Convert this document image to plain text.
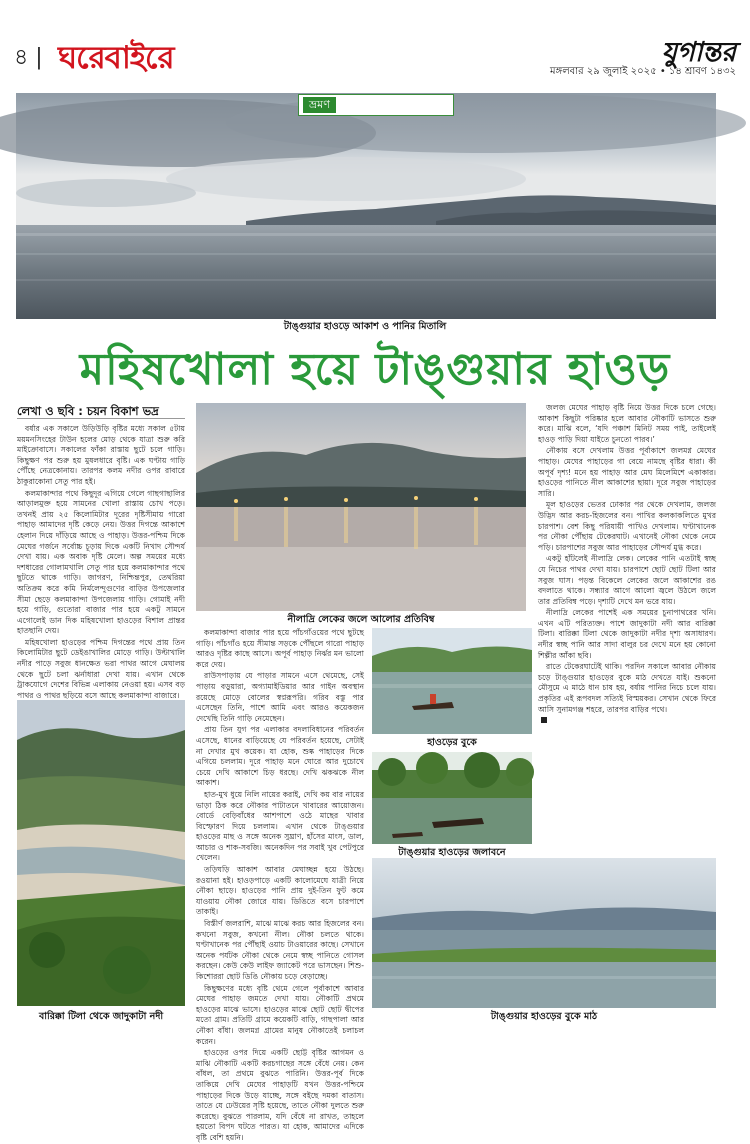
৪ | ঘরেবাইরে	যুগান্তর
মঙ্গলবার ২৯ জুলাই ২০২৫ • ১৪ শ্রাবণ ১৪৩২
ভ্রমণ
টাঙ্গুয়ার হাওড়ে আকাশ ও পানির মিতালি
মহিষখোলা হয়ে টাঙ্গুয়ার হাওড়
লেখা ও ছবি : চয়ন বিকাশ ভদ্র

বর্ষার এক সকালে উড়িউড়ি বৃষ্টির মধ্যে সকাল ৫টায় ময়মনসিংহের টাউন হলের মোড় থেকে যাত্রা শুরু করি মাইক্রোবাসে। সকালের ফাঁকা রাস্তায় ছুটে চলে গাড়ি। কিছুক্ষণ পর শুরু হয় মুষলধারে বৃষ্টি। এক ঘণ্টায় গাড়ি পৌঁছে নেত্রকোনায়। তারপর কলম নদীর ওপর রাবারে ঠাকুরাকোনা সেতু পার হই।

কলমাকান্দার পথে কিছুদূর এগিয়ে গেলে গাছগাছালির আড়ালমুক্ত হয়ে সামনের খোলা রাস্তায় চোখ পড়ে। তখনই প্রায় ২৫ কিলোমিটার দূরের দৃষ্টিসীমায় গারো পাহাড় আমাদের দৃষ্টি কেড়ে নেয়। উত্তর দিগন্তে আকাশে হেলান দিয়ে দাঁড়িয়ে আছে ও পাহাড়। উত্তর-পশ্চিম দিকে মেঘের গর্জনে সর্বোচ্চ চূড়ায় দিকে একটি নিখাদ সৌন্দর্য দেখা যায়। এক অবাক দৃষ্টি মেলে। অল্প সময়ের মধ্যে দশধারের গোলামখালি সেতু পার হয়ে কলমাকান্দার পথে ছুটতে থাকে গাড়ি। জাগরণ, নিশ্চিন্তপুর, তেথরিয়া অতিক্রম করে কমি নির্মলেন্দুগুণের বাড়ির উপজেলার সীমা ছেড়ে কলমাকান্দা উপজেলায় গাড়ি। গোমাই নদী হয়ে গাড়ি, গুতোরা বাজার পার হয়ে একটু সামনে এগোলেই ডান দিক মহিষখোলা হাওড়ের বিশাল প্রান্তর হাতছানি দেয়।

মহিষখোলা হাওড়ের পশ্চিম দিগন্তের পথে প্রায় তিন কিলোমিটার ছুটে ডেইঙাখালির মোড়ে গাড়ি। উল্টাখালি নদীর পাড়ে সবুজ ধানক্ষেত ভরা পাথর আগে মেঘালয় থেকে ছুটে চলা ঝর্নাধারা দেখা যায়। এখান থেকে ট্রাকযোগে দেশের বিভিন্ন এলাকায় নেওয়া হয়। এসব বড় পাথর ও পাথর ছড়িয়ে বসে আছে কলমাকান্দা বাজারে।

বারিক্কা টিলা থেকে জাদুকাটা নদী
নীলাদ্রি লেকের জলে আলোর প্রতিবিম্ব

কলমাকান্দা বাজার পার হয়ে পাঁচগাঁওয়ের পথে ছুটছে গাড়ি। পাঁচগাঁও হয়ে সীমান্ত সড়কে পৌঁছলে গারো পাহাড় আরও দৃষ্টির কাছে আসে। অপূর্ব পাহাড় নির্ঝর মন ভালো করে দেয়।

রাউসপাড়ায় যে পাড়ার সামনে এসে থেমেছে, সেই পাড়ায় বড়ুয়ারা, অগ্যামাইডিয়ার আর গাইন অবস্থান রয়েছে মোড়ে বোলের স্বপ্নরূপরি। গরিব বস্তু পার এসেছেন তিনি, পাশে আমি এবং আরও কয়েকজন দেখেছি তিনি গাড়ি নেমেছেন।

প্রায় তিন যুগ পর এলাকার বদলাবিধানের পরিবর্তন এসেছে, ধানের বাড়িয়েছে যে পরিবর্তন হয়েছে, সেটাই না দেখার মুখ কয়েক। যা হোক, শুষ্ক পাহাড়ের দিকে এগিয়ে চললাম। দূরে পাহাড় মনে ঘোরে আর দুচোখে চেয়ে দেখি আকাশে চিড় ধরছে। দেখি ঝকঝকে নীল আকাশ।

হাত-মুখ ধুয়ে নিলি নায়ের করাই, দেখি কয় বার নায়ের ভাড়া ঠিক করে নৌকার পাটাতনে খাবারের আয়োজন। বোর্ডে বেড়িবাঁধের আশপাশে ওঠে মাছের খাবার বিস্ফোরণ দিয়ে চললাম। এখান থেকে টাঙ্গুয়ার হাওড়ের মাছ ও সঙ্গে অনেক সুঘ্রাণ, হাঁসের মাংস, ডাল, আচার ও শাক-সবজি। অনেকদিন পর সবাই খুব পেটপুরে খেলেন।

তড়িঘড়ি আকাশ আবার মেঘাচ্ছন্ন হয়ে উঠছে। রওয়ানা হই। হাওড়পাড়ে একটি কালোমেঘে যাত্রী নিয়ে নৌকা ছাড়ে। হাওড়ের পানি প্রায় দুই-তিন ফুট কমে যাওয়ায় নৌকা জোরে যায়। ডিঙিতে বসে চারপাশে তাকাই।

বিস্তীর্ণ জলরাশি, মাঝে মাঝে করচ আর হিজলের বন। কখনো সবুজ, কখনো নীল। নৌকা চলতে থাকে। ঘণ্টাখানেক পর পৌঁছাই ওয়াচ টাওয়ারের কাছে। সেখানে অনেক পর্যটক নৌকা থেকে নেমে স্বচ্ছ পানিতে গোসল করছেন। কেউ কেউ লাইফ জ্যাকেট পরে ভাসছেন। শিশু-কিশোররা ছোট ডিঙি নৌকায় চড়ে বেড়াচ্ছে।

কিছুক্ষণের মধ্যে বৃষ্টি থেমে গেলে পূর্বাকাশে আবার মেঘের পাহাড় জমতে দেখা যায়। নৌকাটি প্রথমে হাওড়ের মাঝে ভাসে। হাওড়ের মাঝে ছোট ছোট দ্বীপের মতো গ্রাম। প্রতিটি গ্রামে কয়েকটি বাড়ি, গাছপালা আর নৌকা বাঁধা। জলমগ্ন গ্রামের মানুষ নৌকাতেই চলাচল করেন।

হাওড়ের ওপর দিয়ে একটি ছোট্ট বৃষ্টির আগমন ও মাঝি নৌকাটি একটি করচগাছের সঙ্গে বেঁধে নেয়। কেন বাঁধল, তা প্রথমে বুঝতে পারিনি। উত্তর-পূর্ব দিকে তাকিয়ে দেখি মেঘের পাহাড়টি যখন উত্তর-পশ্চিমে পাহাড়ের দিকে উড়ে যাচ্ছে, সঙ্গে বইছে দমকা বাতাস। তাতে যে ঢেউয়ের সৃষ্টি হয়েছে, তাতে নৌকা দুলতে শুরু করেছে। বুঝতে পারলাম, যদি বেঁধে না রাখত, তাহলে হয়তো বিপদ ঘটতে পারত। যা হোক, আমাদের এদিকে বৃষ্টি বেশি হয়নি।

হাওড়ের বুকে
টাঙ্গুয়ার হাওড়ের জলাবনে

জলজ মেঘের পাহাড় বৃষ্টি নিয়ে উত্তর দিকে চলে গেছে। আকাশ কিছুটা পরিষ্কার হলে আবার নৌকাটি ভাসতে শুরু করে। মাঝি বলে, ‘যদি পঞ্চাশ মিনিট সময় পাই, তাইলেই হাওড় পাড়ি দিয়া যাইতে চুনতাে পারব।’

নৌকায় বসে দেখলাম উত্তর পূর্বাকাশে জলমগ্ন মেঘের পাহাড়। মেঘের পাহাড়ের গা বেয়ে নামছে বৃষ্টির ধারা। কী অপূর্ব দৃশ্য! মনে হয় পাহাড় আর মেঘ মিলেমিশে একাকার। হাওড়ের পানিতে নীল আকাশের ছায়া। দূরে সবুজ পাহাড়ের সারি।

মূল হাওড়ের ভেতর ঢোকার পর থেকে দেখলাম, জলজ উদ্ভিদ আর করচ-হিজলের বন। পাখির কলকাকলিতে মুখর চারপাশ। বেশ কিছু পরিযায়ী পাখিও দেখলাম। ঘণ্টাখানেক পর নৌকা পৌঁছায় টেকেরঘাট। এখানেই নৌকা থেকে নেমে পড়ি। চারপাশের সবুজ আর পাহাড়ের সৌন্দর্য মুগ্ধ করে।

একটু হাঁটলেই নীলাদ্রি লেক। লেকের পানি এতটাই স্বচ্ছ যে নিচের পাথর দেখা যায়। চারপাশে ছোট ছোট টিলা আর সবুজ ঘাস। পড়ন্ত বিকেলে লেকের জলে আকাশের রঙ বদলাতে থাকে। সন্ধ্যার আগে আলো জ্বলে উঠলে জলে তার প্রতিবিম্ব পড়ে। দৃশ্যটি দেখে মন ভরে যায়।

নীলাদ্রি লেকের পাশেই এক সময়ের চুনাপাথরের খনি। এখন এটি পরিত্যক্ত। পাশে জাদুকাটা নদী আর বারিক্কা টিলা। বারিক্কা টিলা থেকে জাদুকাটা নদীর দৃশ্য অসাধারণ। নদীর স্বচ্ছ পানি আর সাদা বালুর চর দেখে মনে হয় কোনো শিল্পীর আঁকা ছবি।

রাতে টেকেরঘাটেই থাকি। পরদিন সকালে আবার নৌকায় চড়ে টাঙ্গুয়ার হাওড়ের বুকে মাঠ দেখতে যাই। শুকনো মৌসুমে এ মাঠে ধান চাষ হয়, বর্ষায় পানির নিচে চলে যায়। প্রকৃতির এই রূপবদল সত্যিই বিস্ময়কর। সেখান থেকে ফিরে আসি সুনামগঞ্জ শহরে, তারপর বাড়ির পথে।

টাঙ্গুয়ার হাওড়ের বুকে মাঠ
